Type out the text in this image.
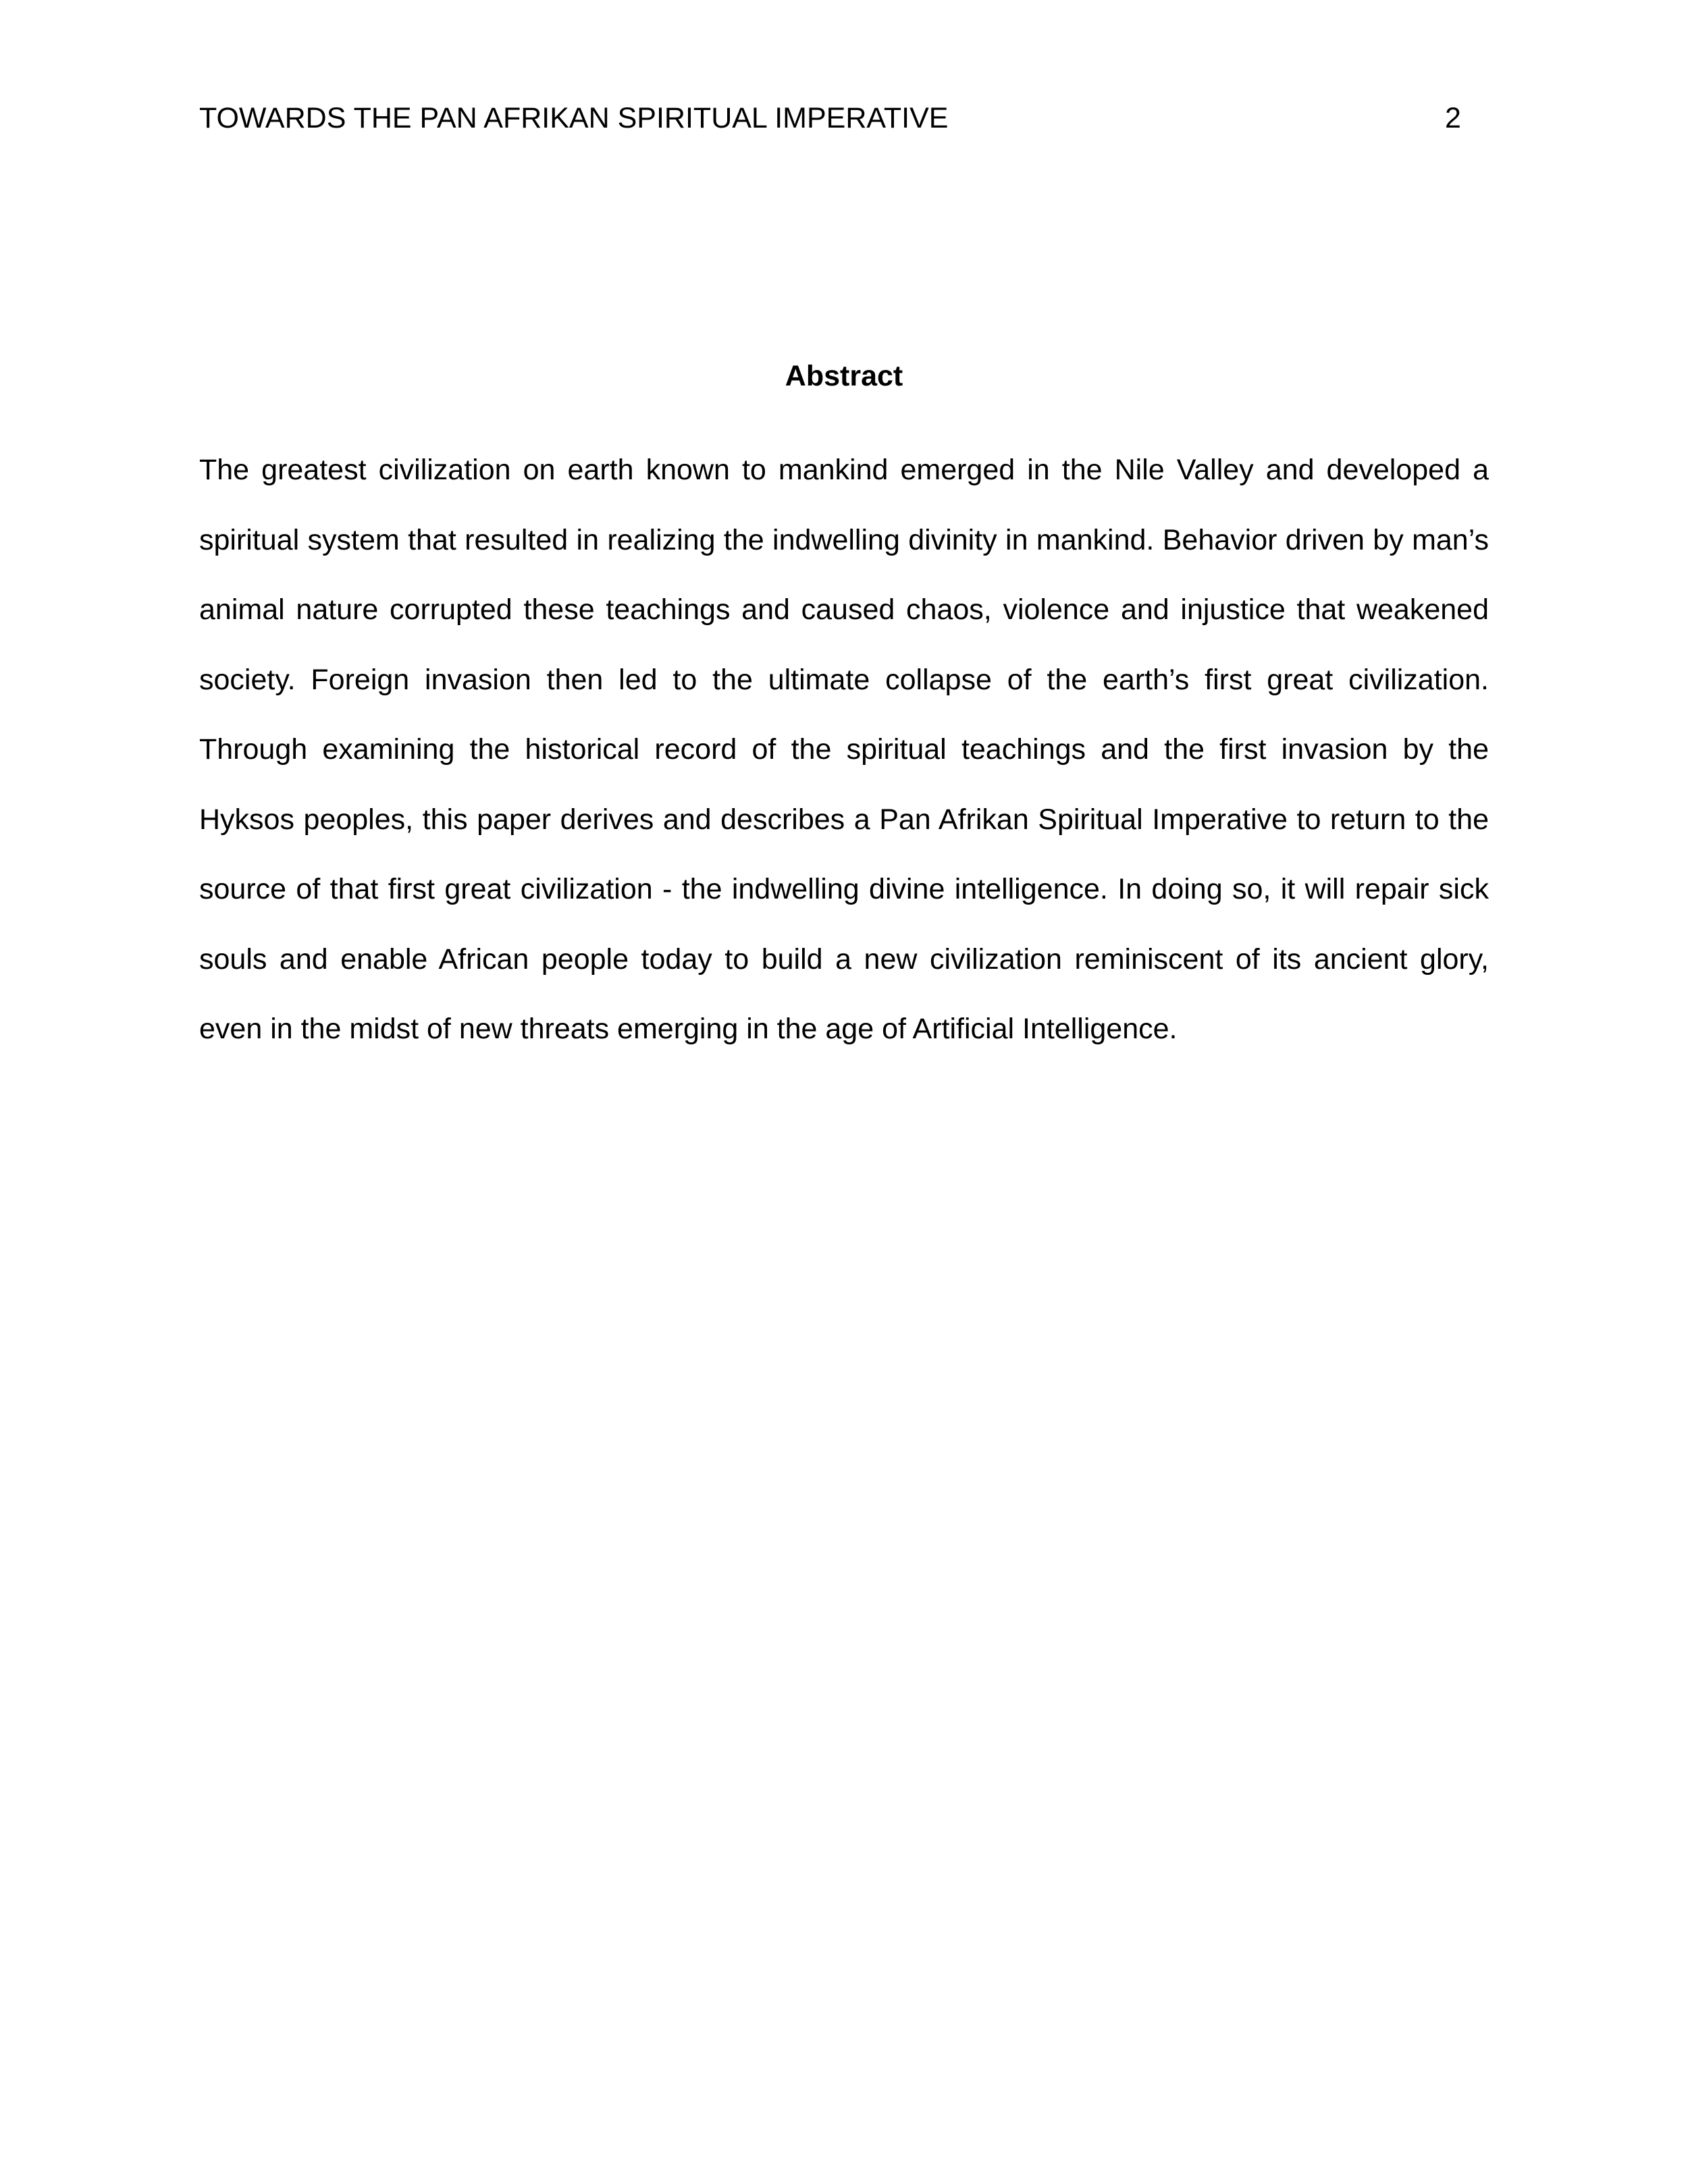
TOWARDS THE PAN AFRIKAN SPIRITUAL IMPERATIVE	2
Abstract

The greatest civilization on earth known to mankind emerged in the Nile Valley and developed a spiritual system that resulted in realizing the indwelling divinity in mankind. Behavior driven by man’s animal nature corrupted these teachings and caused chaos, violence and injustice that weakened society. Foreign invasion then led to the ultimate collapse of the earth’s first great civilization. Through examining the historical record of the spiritual teachings and the first invasion by the Hyksos peoples, this paper derives and describes a Pan Afrikan Spiritual Imperative to return to the source of that first great civilization - the indwelling divine intelligence. In doing so, it will repair sick souls and enable African people today to build a new civilization reminiscent of its ancient glory, even in the midst of new threats emerging in the age of Artificial Intelligence.
